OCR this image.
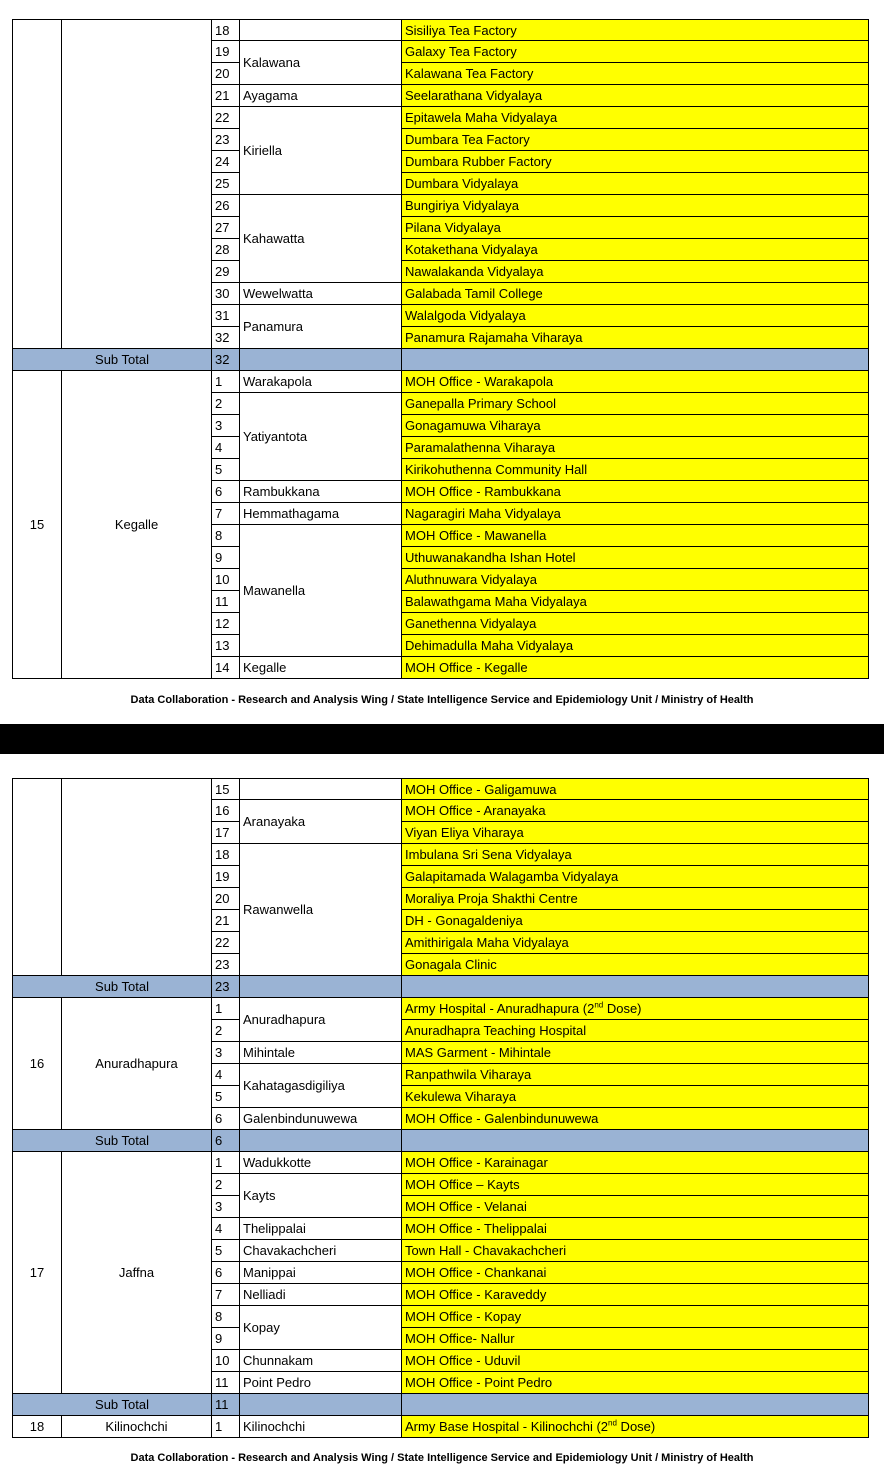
		18		Sisiliya Tea Factory
		19	Kalawana	Galaxy Tea Factory
		20		Kalawana Tea Factory
		21	Ayagama	Seelarathana Vidyalaya
		22	Kiriella	Epitawela Maha Vidyalaya
		23		Dumbara Tea Factory
		24		Dumbara Rubber Factory
		25		Dumbara Vidyalaya
		26	Kahawatta	Bungiriya Vidyalaya
		27		Pilana Vidyalaya
		28		Kotakethana Vidyalaya
		29		Nawalakanda Vidyalaya
		30	Wewelwatta	Galabada Tamil College
		31	Panamura	Walalgoda Vidyalaya
		32		Panamura Rajamaha Viharaya
Sub Total		32		
15	Kegalle	1	Warakapola	MOH Office - Warakapola
		2	Yatiyantota	Ganepalla Primary School
		3		Gonagamuwa Viharaya
		4		Paramalathenna Viharaya
		5		Kirikohuthenna Community Hall
		6	Rambukkana	MOH Office - Rambukkana
		7	Hemmathagama	Nagaragiri Maha Vidyalaya
		8	Mawanella	MOH Office - Mawanella
		9		Uthuwanakandha Ishan Hotel
		10		Aluthnuwara Vidyalaya
		11		Balawathgama Maha Vidyalaya
		12		Ganethenna Vidyalaya
		13		Dehimadulla Maha Vidyalaya
		14	Kegalle	MOH Office - Kegalle
Data Collaboration - Research and Analysis Wing / State Intelligence Service and Epidemiology Unit / Ministry of Health
		15		MOH Office - Galigamuwa
		16	Aranayaka	MOH Office - Aranayaka
		17		Viyan Eliya Viharaya
		18	Rawanwella	Imbulana Sri Sena Vidyalaya
		19		Galapitamada Walagamba Vidyalaya
		20		Moraliya Proja Shakthi Centre
		21		DH - Gonagaldeniya
		22		Amithirigala Maha Vidyalaya
		23		Gonagala Clinic
Sub Total		23		
16	Anuradhapura	1	Anuradhapura	Army Hospital - Anuradhapura (2nd Dose)
		2		Anuradhapra Teaching Hospital
		3	Mihintale	MAS Garment - Mihintale
		4	Kahatagasdigiliya	Ranpathwila Viharaya
		5		Kekulewa Viharaya
		6	Galenbindunuwewa	MOH Office - Galenbindunuwewa
Sub Total		6		
17	Jaffna	1	Wadukkotte	MOH Office - Karainagar
		2	Kayts	MOH Office – Kayts
		3		MOH Office - Velanai
		4	Thelippalai	MOH Office - Thelippalai
		5	Chavakachcheri	Town Hall - Chavakachcheri
		6	Manippai	MOH Office - Chankanai
		7	Nelliadi	MOH Office - Karaveddy
		8	Kopay	MOH Office - Kopay
		9		MOH Office- Nallur
		10	Chunnakam	MOH Office - Uduvil
		11	Point Pedro	MOH Office - Point Pedro
Sub Total		11		
18	Kilinochchi	1	Kilinochchi	Army Base Hospital - Kilinochchi (2nd Dose)
Data Collaboration - Research and Analysis Wing / State Intelligence Service and Epidemiology Unit / Ministry of Health
